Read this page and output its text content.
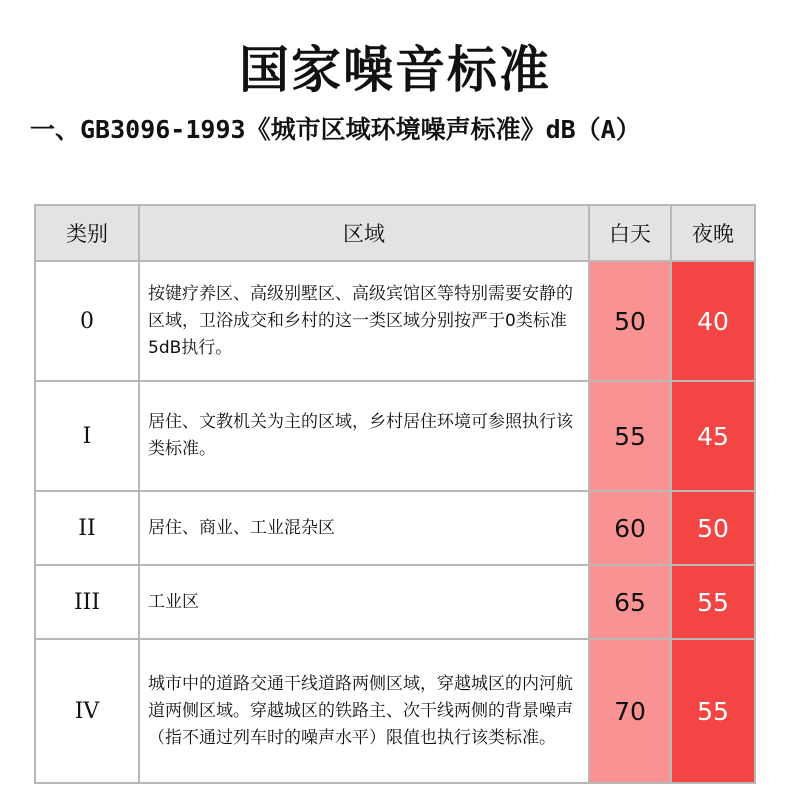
国家噪音标准
一、GB3096-1993《城市区域环境噪声标准》dB（A）
类别	区域	白天	夜晚
0	按键疗养区、高级别墅区、高级宾馆区等特别需要安静的区域，卫浴成交和乡村的这一类区域分别按严于0类标准5dB执行。	50	40
I	居住、文教机关为主的区域，乡村居住环境可参照执行该类标准。	55	45
II	居住、商业、工业混杂区	60	50
III	工业区	65	55
IV	城市中的道路交通干线道路两侧区域，穿越城区的内河航道两侧区域。穿越城区的铁路主、次干线两侧的背景噪声（指不通过列车时的噪声水平）限值也执行该类标准。	70	55
